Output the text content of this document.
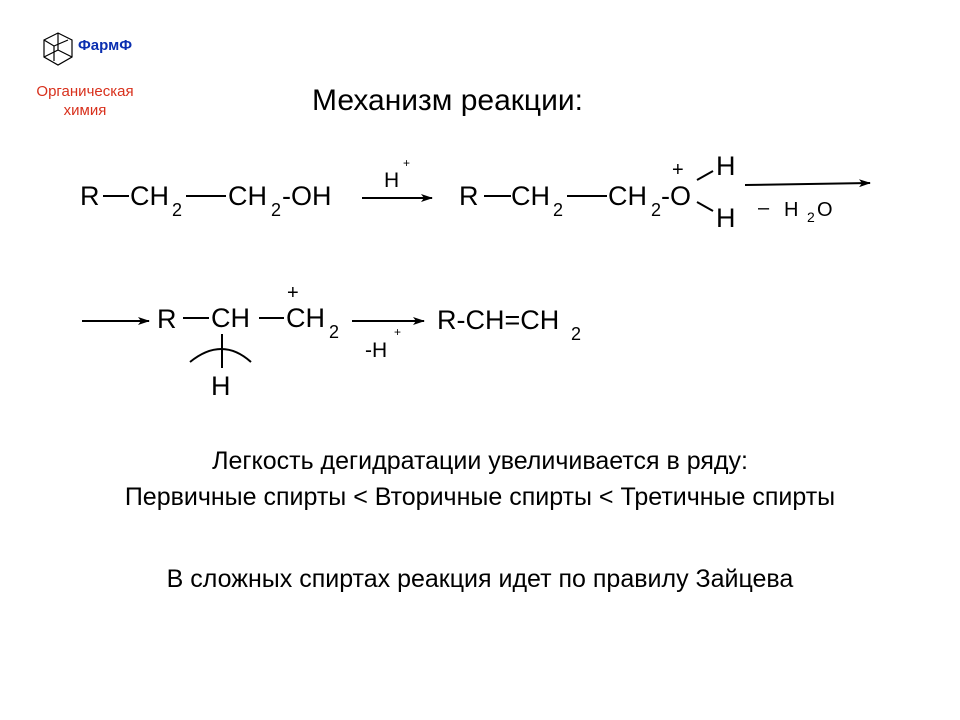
ФармФ
Органическая
химия	Механизм реакции:
R CH 2 CH 2 -OH
H
+
R CH 2 CH 2 -O
+ H
H – H 2 O
R CH CH 2
+
H
-H
+ R-CH=CH 2
Легкость дегидратации увеличивается в ряду:
Первичные спирты < Вторичные спирты < Третичные спирты
В сложных спиртах реакция идет по правилу Зайцева
